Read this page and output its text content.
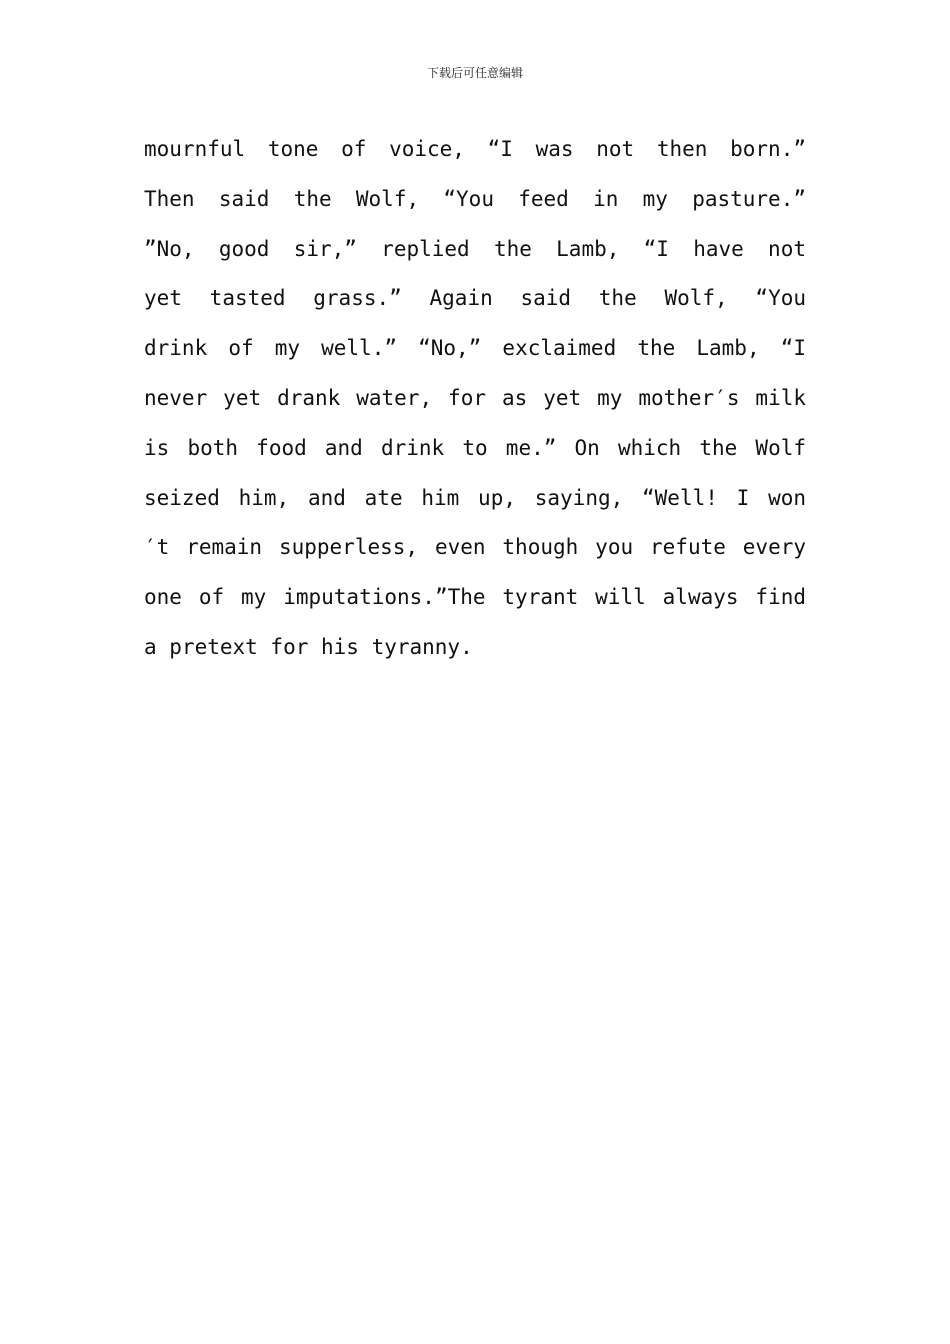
下载后可任意编辑
mournful tone of voice, “I was not then born.”
Then said the Wolf, “You feed in my pasture.”
”No, good sir,” replied the Lamb, “I have not
yet tasted grass.” Again said the Wolf, “You
drink of my well.” “No,” exclaimed the Lamb, “I
never yet drank water, for as yet my mother′s milk
is both food and drink to me.” On which the Wolf
seized him, and ate him up, saying, “Well! I won
′t remain supperless, even though you refute every
one of my imputations.”The tyrant will always find
a pretext for his tyranny.
